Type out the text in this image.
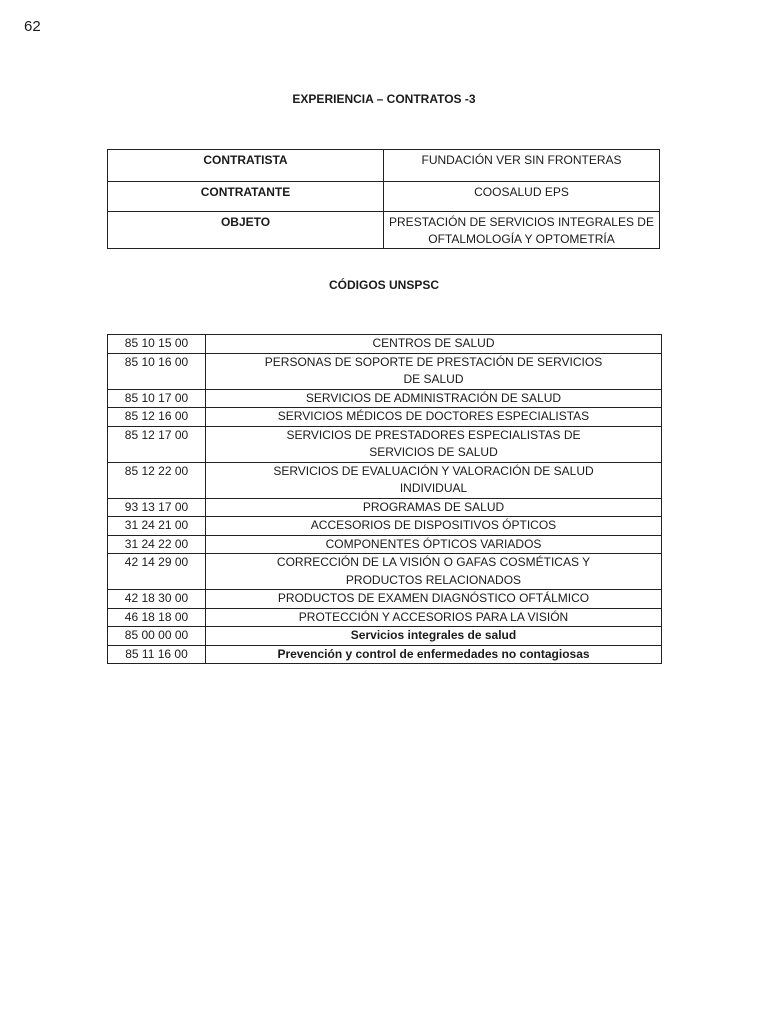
62
EXPERIENCIA – CONTRATOS -3
CONTRATISTA	FUNDACIÓN VER SIN FRONTERAS
CONTRATANTE	COOSALUD EPS
OBJETO	PRESTACIÓN DE SERVICIOS INTEGRALES DE OFTALMOLOGÍA Y OPTOMETRÍA
CÓDIGOS UNSPSC
85 10 15 00	CENTROS DE SALUD
85 10 16 00	PERSONAS DE SOPORTE DE PRESTACIÓN DE SERVICIOS DE SALUD
85 10 17 00	SERVICIOS DE ADMINISTRACIÓN DE SALUD
85 12 16 00	SERVICIOS MÉDICOS DE DOCTORES ESPECIALISTAS
85 12 17 00	SERVICIOS DE PRESTADORES ESPECIALISTAS DE SERVICIOS DE SALUD
85 12 22 00	SERVICIOS DE EVALUACIÓN Y VALORACIÓN DE SALUD INDIVIDUAL
93 13 17 00	PROGRAMAS DE SALUD
31 24 21 00	ACCESORIOS DE DISPOSITIVOS ÓPTICOS
31 24 22 00	COMPONENTES ÓPTICOS VARIADOS
42 14 29 00	CORRECCIÓN DE LA VISIÓN O GAFAS COSMÉTICAS Y PRODUCTOS RELACIONADOS
42 18 30 00	PRODUCTOS DE EXAMEN DIAGNÓSTICO OFTÁLMICO
46 18 18 00	PROTECCIÓN Y ACCESORIOS PARA LA VISIÓN
85 00 00 00	Servicios integrales de salud
85 11 16 00	Prevención y control de enfermedades no contagiosas
